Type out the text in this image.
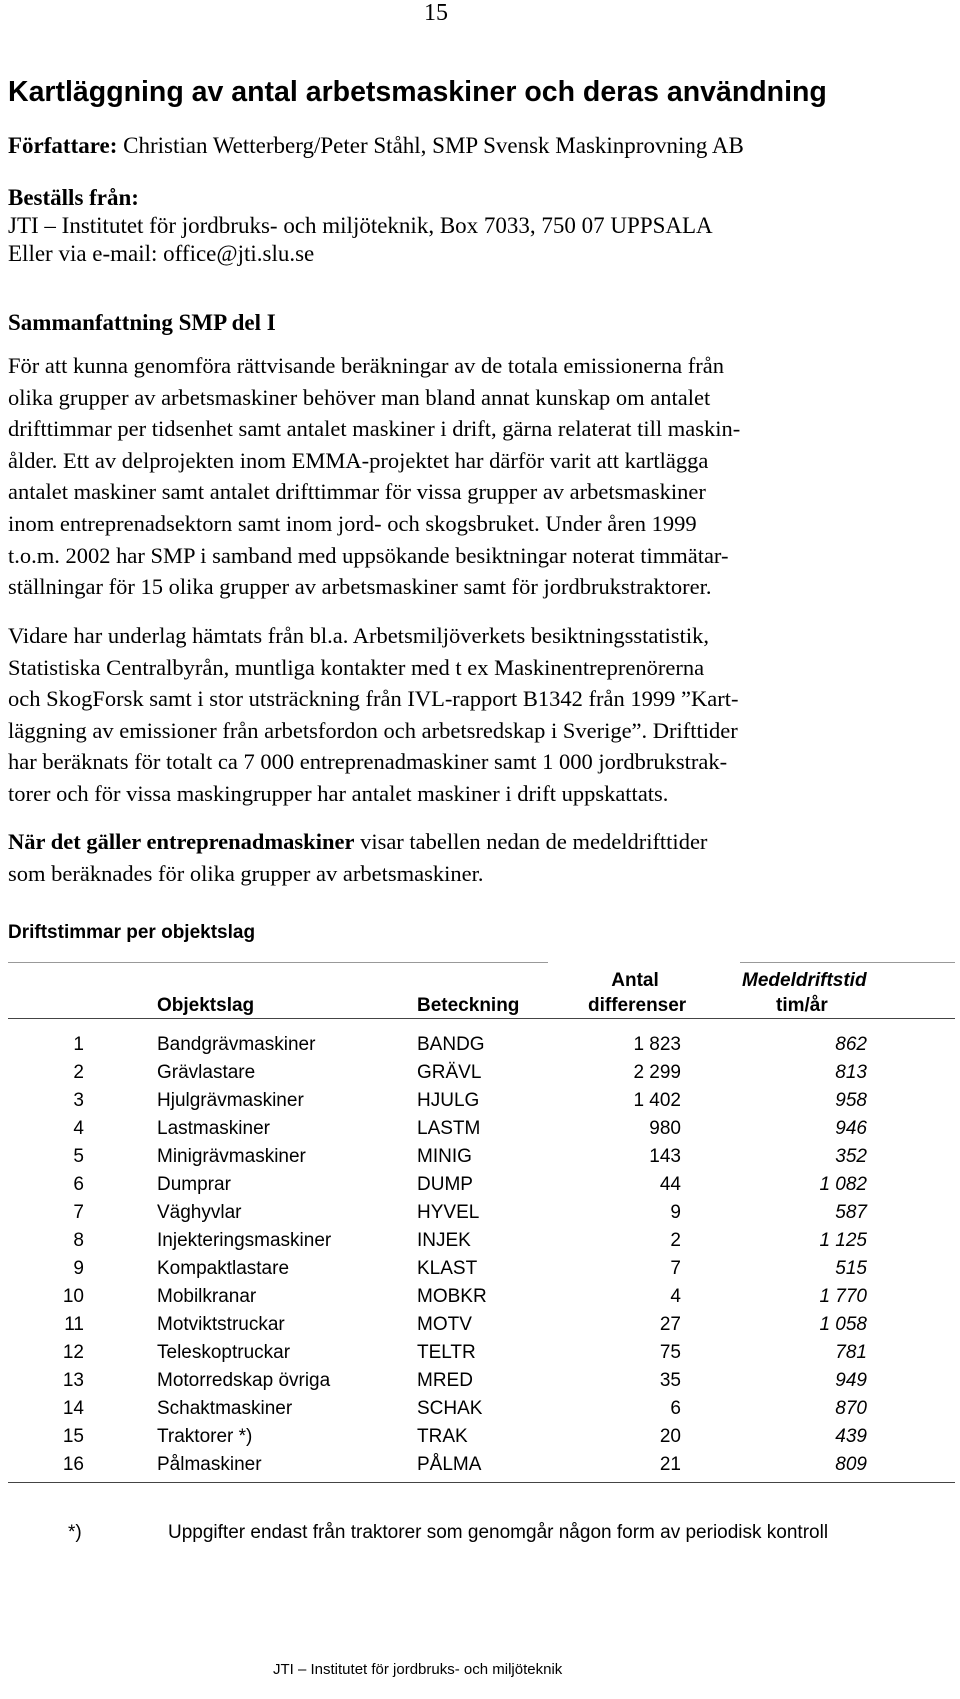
15
Kartläggning av antal arbetsmaskiner och deras användning
Författare: Christian Wetterberg/Peter Ståhl, SMP Svensk Maskinprovning AB
Beställs från:
JTI – Institutet för jordbruks- och miljöteknik, Box 7033, 750 07 UPPSALA
Eller via e-mail: office@jti.slu.se
Sammanfattning SMP del I
För att kunna genomföra rättvisande beräkningar av de totala emissionerna från
olika grupper av arbetsmaskiner behöver man bland annat kunskap om antalet
drifttimmar per tidsenhet samt antalet maskiner i drift, gärna relaterat till maskin-
ålder. Ett av delprojekten inom EMMA-projektet har därför varit att kartlägga
antalet maskiner samt antalet drifttimmar för vissa grupper av arbetsmaskiner
inom entreprenadsektorn samt inom jord- och skogsbruket. Under åren 1999
t.o.m. 2002 har SMP i samband med uppsökande besiktningar noterat timmätar-
ställningar för 15 olika grupper av arbetsmaskiner samt för jordbrukstraktorer.
Vidare har underlag hämtats från bl.a. Arbetsmiljöverkets besiktningsstatistik,
Statistiska Centralbyrån, muntliga kontakter med t ex Maskinentreprenörerna
och SkogForsk samt i stor utsträckning från IVL-rapport B1342 från 1999 ”Kart-
läggning av emissioner från arbetsfordon och arbetsredskap i Sverige”. Drifttider
har beräknats för totalt ca 7 000 entreprenadmaskiner samt 1 000 jordbrukstrak-
torer och för vissa maskingrupper har antalet maskiner i drift uppskattats.
När det gäller entreprenadmaskiner visar tabellen nedan de medeldrifttider
som beräknades för olika grupper av arbetsmaskiner.
Driftstimmar per objektslag
Antal	Medeldriftstid
Objektslag	Beteckning	differenser	tim/år
1	Bandgrävmaskiner	BANDG	1 823	862
2	Grävlastare	GRÄVL	2 299	813
3	Hjulgrävmaskiner	HJULG	1 402	958
4	Lastmaskiner	LASTM	980	946
5	Minigrävmaskiner	MINIG	143	352
6	Dumprar	DUMP	44	1 082
7	Väghyvlar	HYVEL	9	587
8	Injekteringsmaskiner	INJEK	2	1 125
9	Kompaktlastare	KLAST	7	515
10	Mobilkranar	MOBKR	4	1 770
11	Motviktstruckar	MOTV	27	1 058
12	Teleskoptruckar	TELTR	75	781
13	Motorredskap övriga	MRED	35	949
14	Schaktmaskiner	SCHAK	6	870
15	Traktorer *)	TRAK	20	439
16	Pålmaskiner	PÅLMA	21	809
*)	Uppgifter endast från traktorer som genomgår någon form av periodisk kontroll
JTI – Institutet för jordbruks- och miljöteknik
